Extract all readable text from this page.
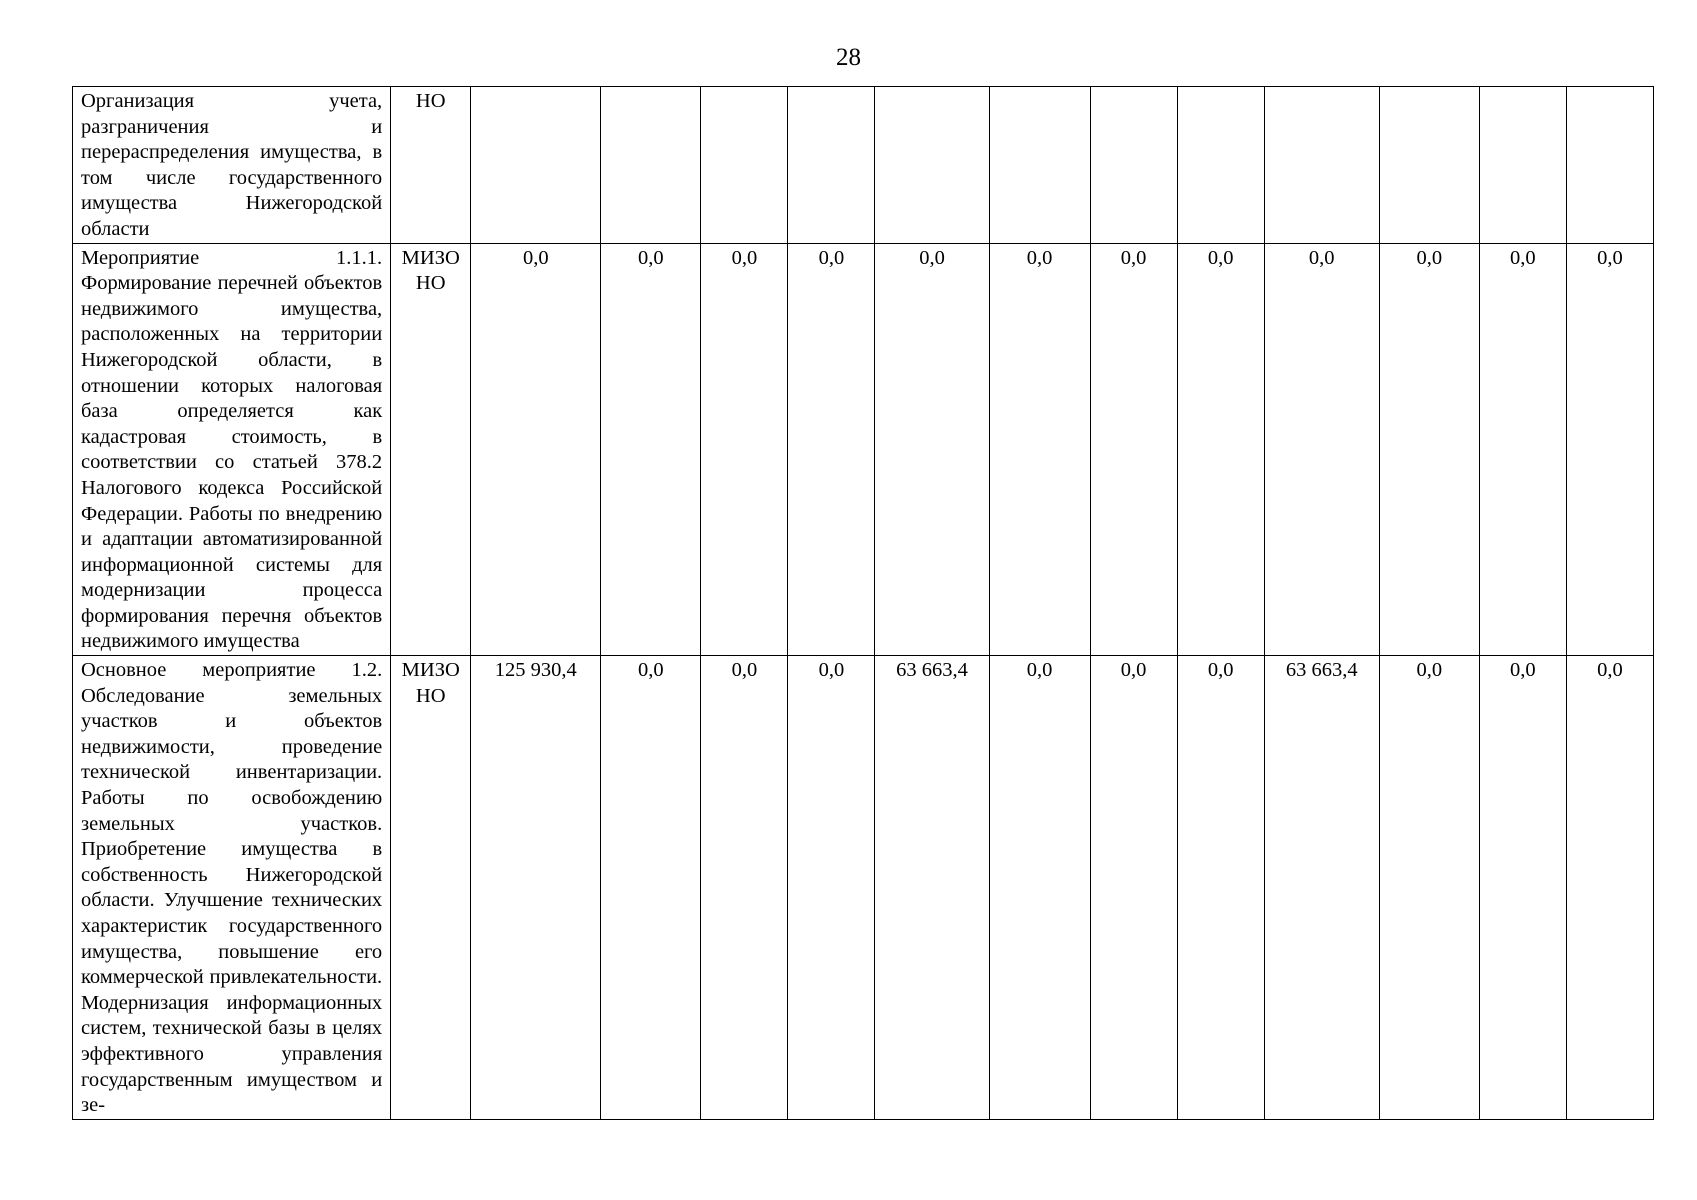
28
Организация учета, разграничения и перераспределения имущества, в том числе государственного имущества Нижегородской области	НО												
Мероприятие 1.1.1. Формирование перечней объектов недвижимого имущества, расположенных на территории Нижегородской области, в отношении которых налоговая база определяется как кадастровая стоимость, в соответствии со статьей 378.2 Налогового кодекса Российской Федерации. Работы по внедрению и адаптации автоматизированной информационной системы для модернизации процесса формирования перечня объектов недвижимого имущества	МИЗО НО	0,0	0,0	0,0	0,0	0,0	0,0	0,0	0,0	0,0	0,0	0,0	0,0
Основное мероприятие 1.2. Обследование земельных участков и объектов недвижимости, проведение технической инвентаризации. Работы по освобождению земельных участков. Приобретение имущества в собственность Нижегородской области. Улучшение технических характеристик государственного имущества, повышение его коммерческой привлекательности. Модернизация информационных систем, технической базы в целях эффективного управления государственным имуществом и зе-	МИЗО НО	125 930,4	0,0	0,0	0,0	63 663,4	0,0	0,0	0,0	63 663,4	0,0	0,0	0,0
